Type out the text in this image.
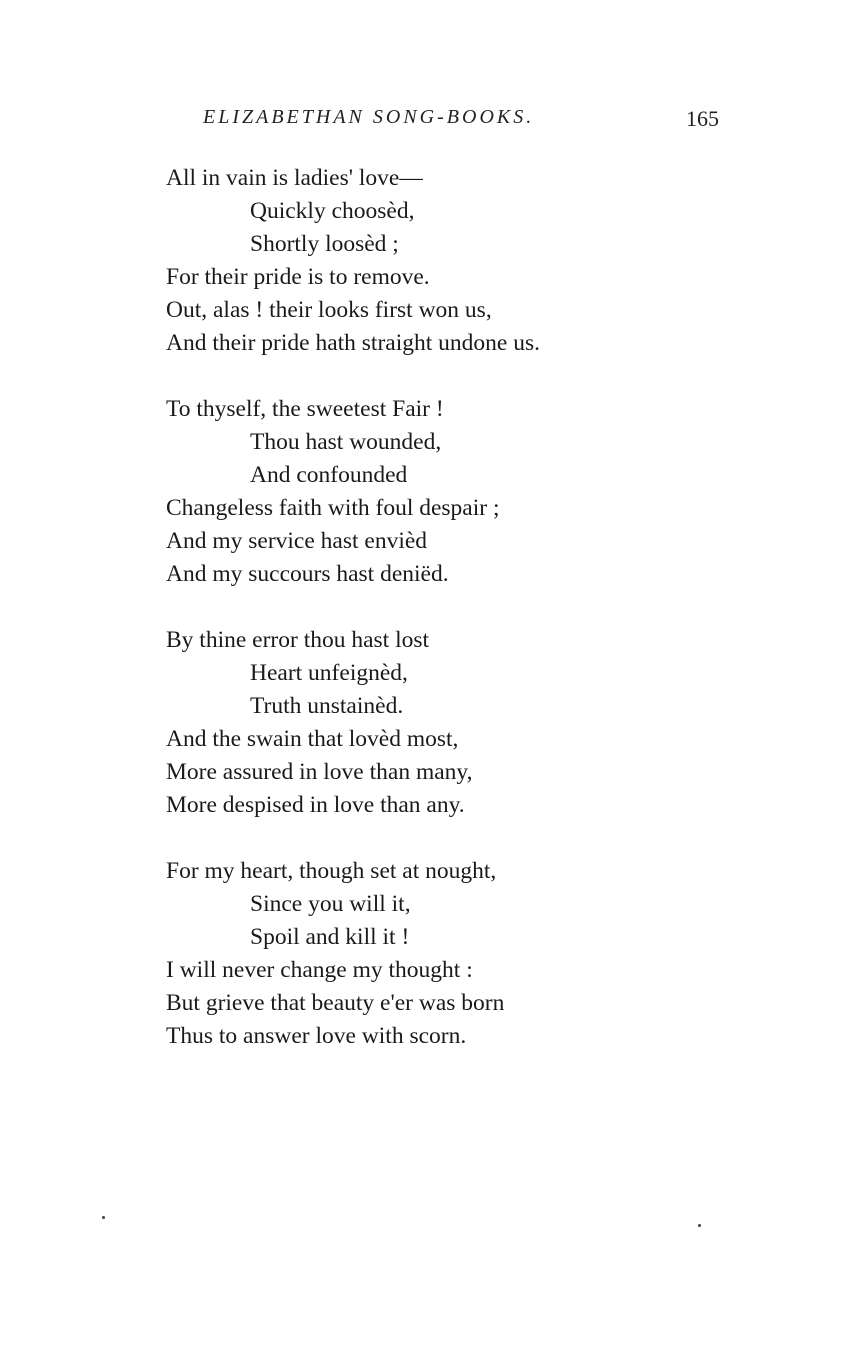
ELIZABETHAN SONG-BOOKS.	165
All in vain is ladies' love—
Quickly choosèd,
Shortly loosèd ;
For their pride is to remove.
Out, alas ! their looks first won us,
And their pride hath straight undone us.
To thyself, the sweetest Fair !
Thou hast wounded,
And confounded
Changeless faith with foul despair ;
And my service hast envièd
And my succours hast deniëd.
By thine error thou hast lost
Heart unfeignèd,
Truth unstainèd.
And the swain that lovèd most,
More assured in love than many,
More despised in love than any.
For my heart, though set at nought,
Since you will it,
Spoil and kill it !
I will never change my thought :
But grieve that beauty e'er was born
Thus to answer love with scorn.
